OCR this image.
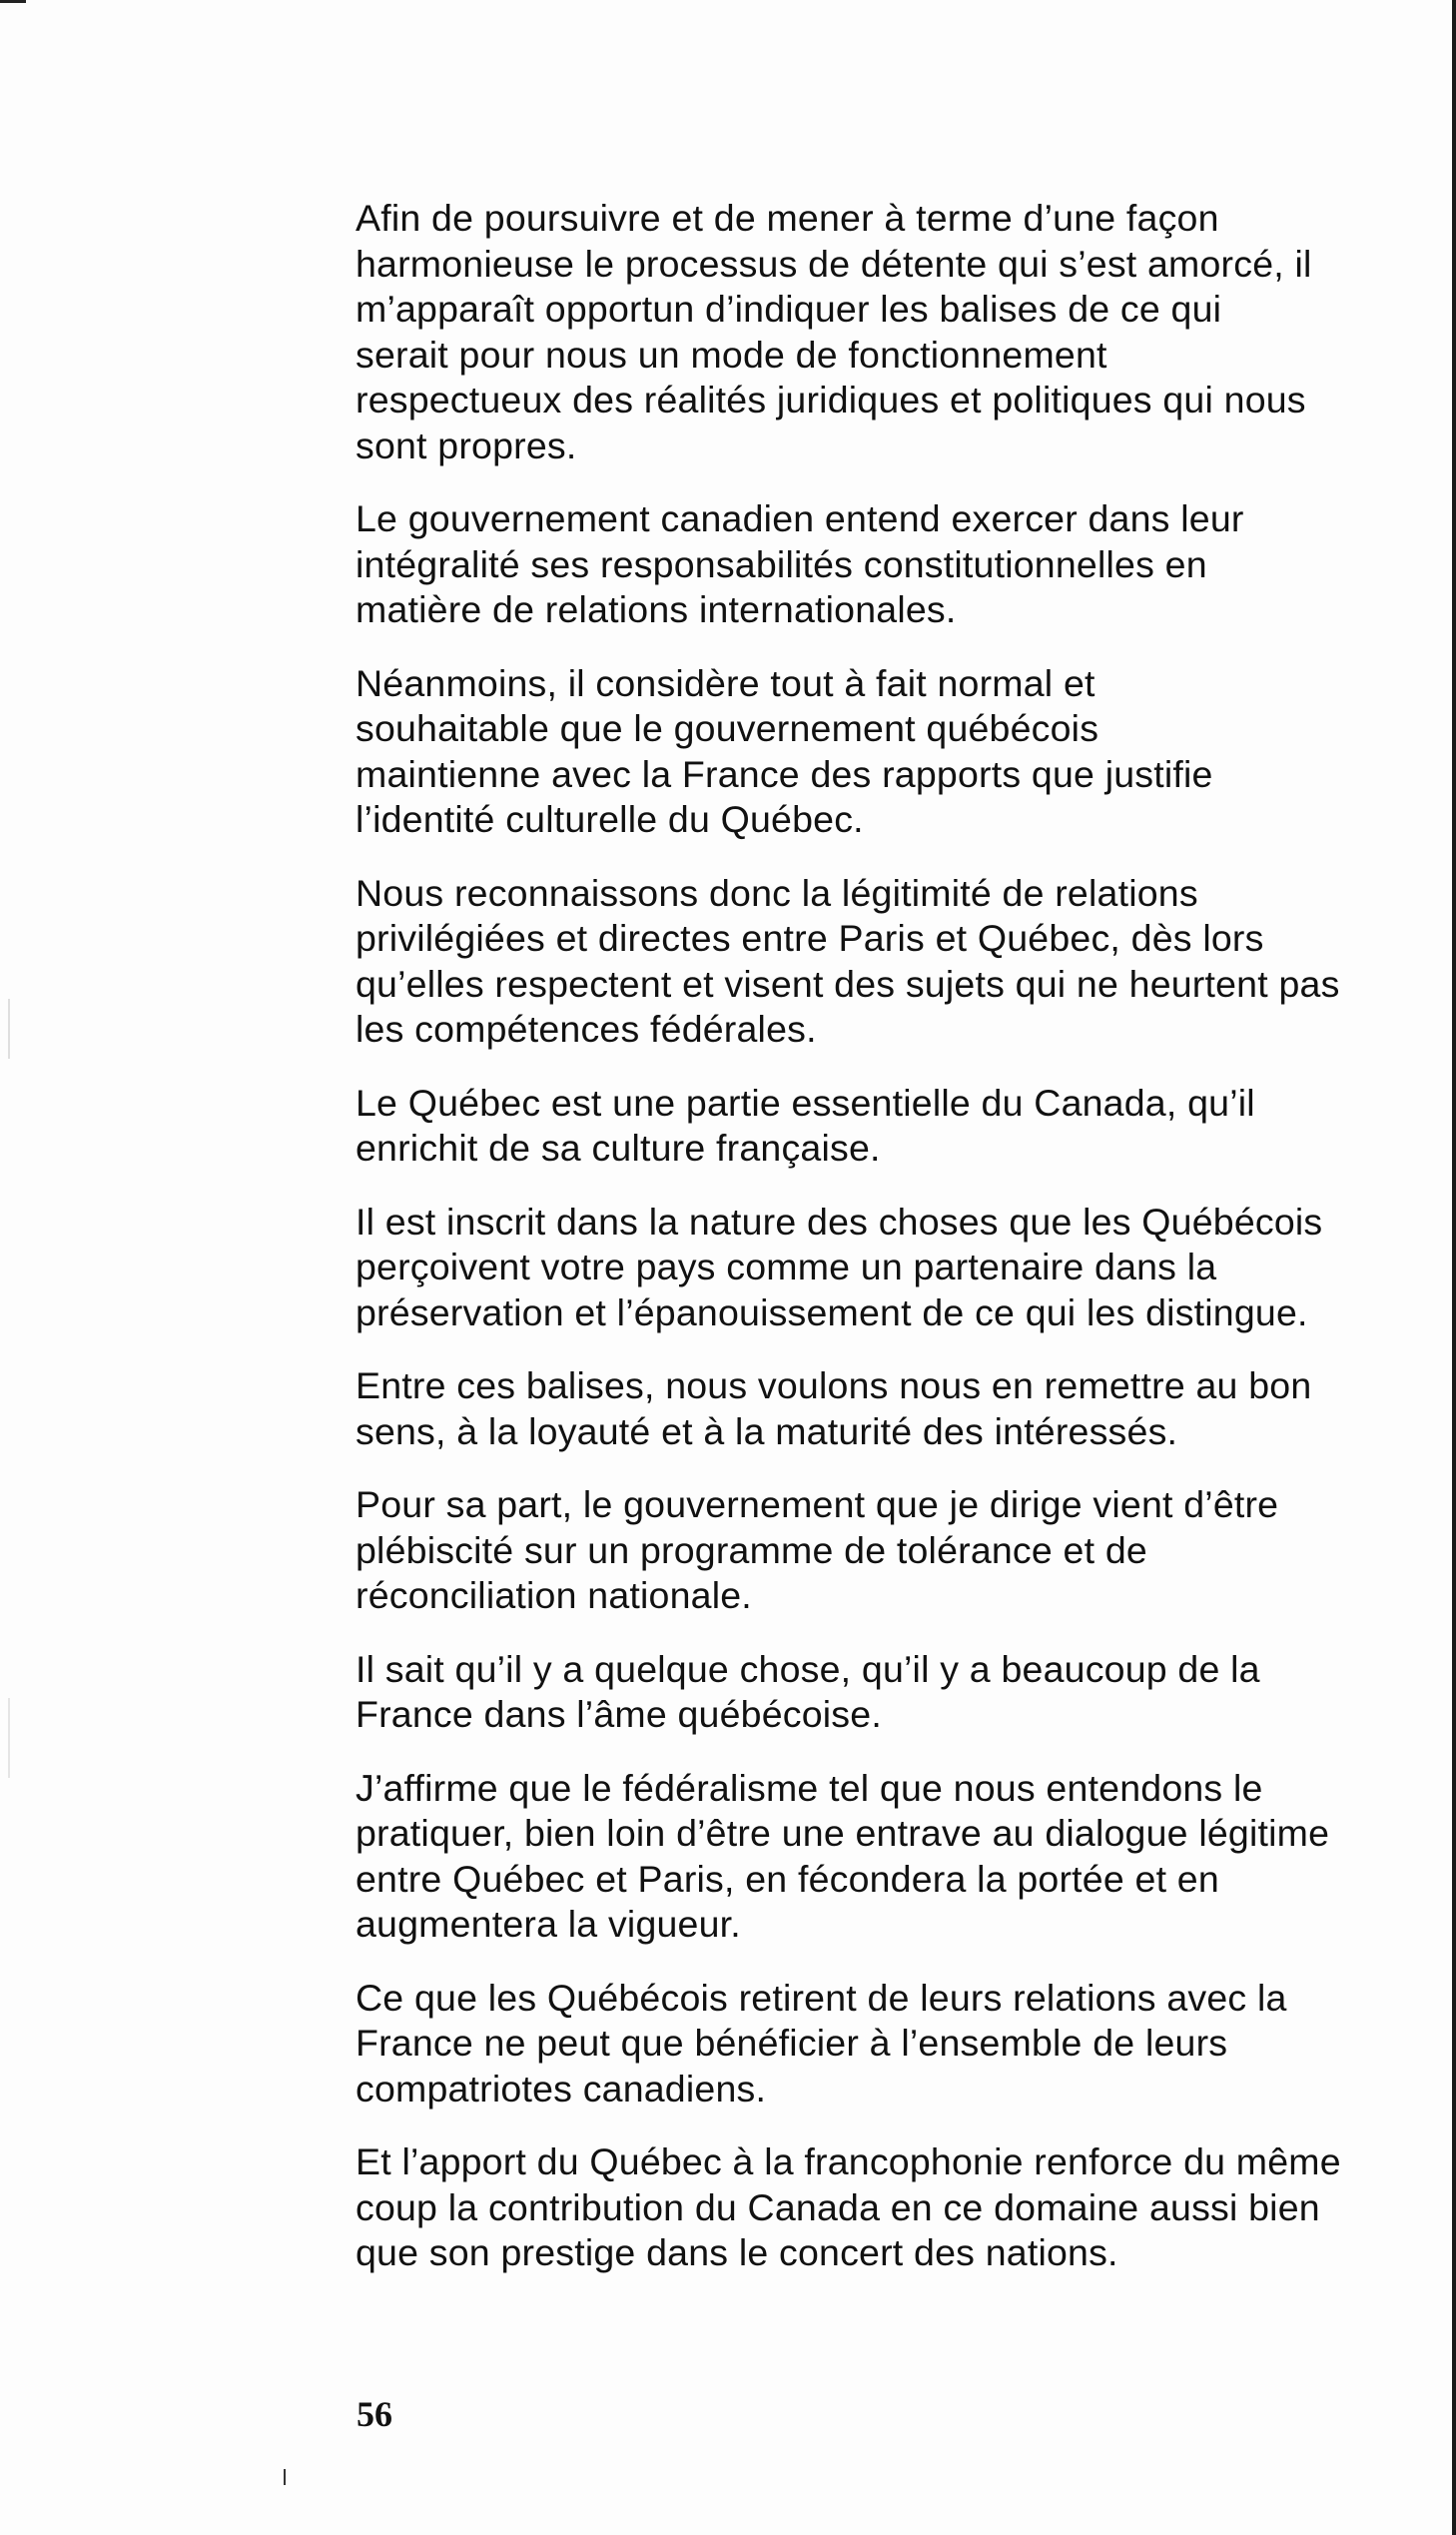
Afin de poursuivre et de mener à terme d’une façon harmonieuse le processus de détente qui s’est amorcé, il m’apparaît opportun d’indiquer les balises de ce qui serait pour nous un mode de fonctionnement respectueux des réalités juridiques et politiques qui nous sont propres.

Le gouvernement canadien entend exercer dans leur intégralité ses responsabilités constitutionnelles en matière de relations internationales.

Néanmoins, il considère tout à fait normal et souhaitable que le gouvernement québécois maintienne avec la France des rapports que justifie l’identité culturelle du Québec.

Nous reconnaissons donc la légitimité de relations privilégiées et directes entre Paris et Québec, dès lors qu’elles respectent et visent des sujets qui ne heurtent pas les compétences fédérales.

Le Québec est une partie essentielle du Canada, qu’il enrichit de sa culture française.

Il est inscrit dans la nature des choses que les Québécois perçoivent votre pays comme un partenaire dans la préservation et l’épanouissement de ce qui les distingue.

Entre ces balises, nous voulons nous en remettre au bon sens, à la loyauté et à la maturité des intéressés.

Pour sa part, le gouvernement que je dirige vient d’être plébiscité sur un programme de tolérance et de réconciliation nationale.

Il sait qu’il y a quelque chose, qu’il y a beaucoup de la France dans l’âme québécoise.

J’affirme que le fédéralisme tel que nous entendons le pratiquer, bien loin d’être une entrave au dialogue légitime entre Québec et Paris, en fécondera la portée et en augmentera la vigueur.

Ce que les Québécois retirent de leurs relations avec la France ne peut que bénéficier à l’ensemble de leurs compatriotes canadiens.

Et l’apport du Québec à la francophonie renforce du même coup la contribution du Canada en ce domaine aussi bien que son prestige dans le concert des nations.

56
